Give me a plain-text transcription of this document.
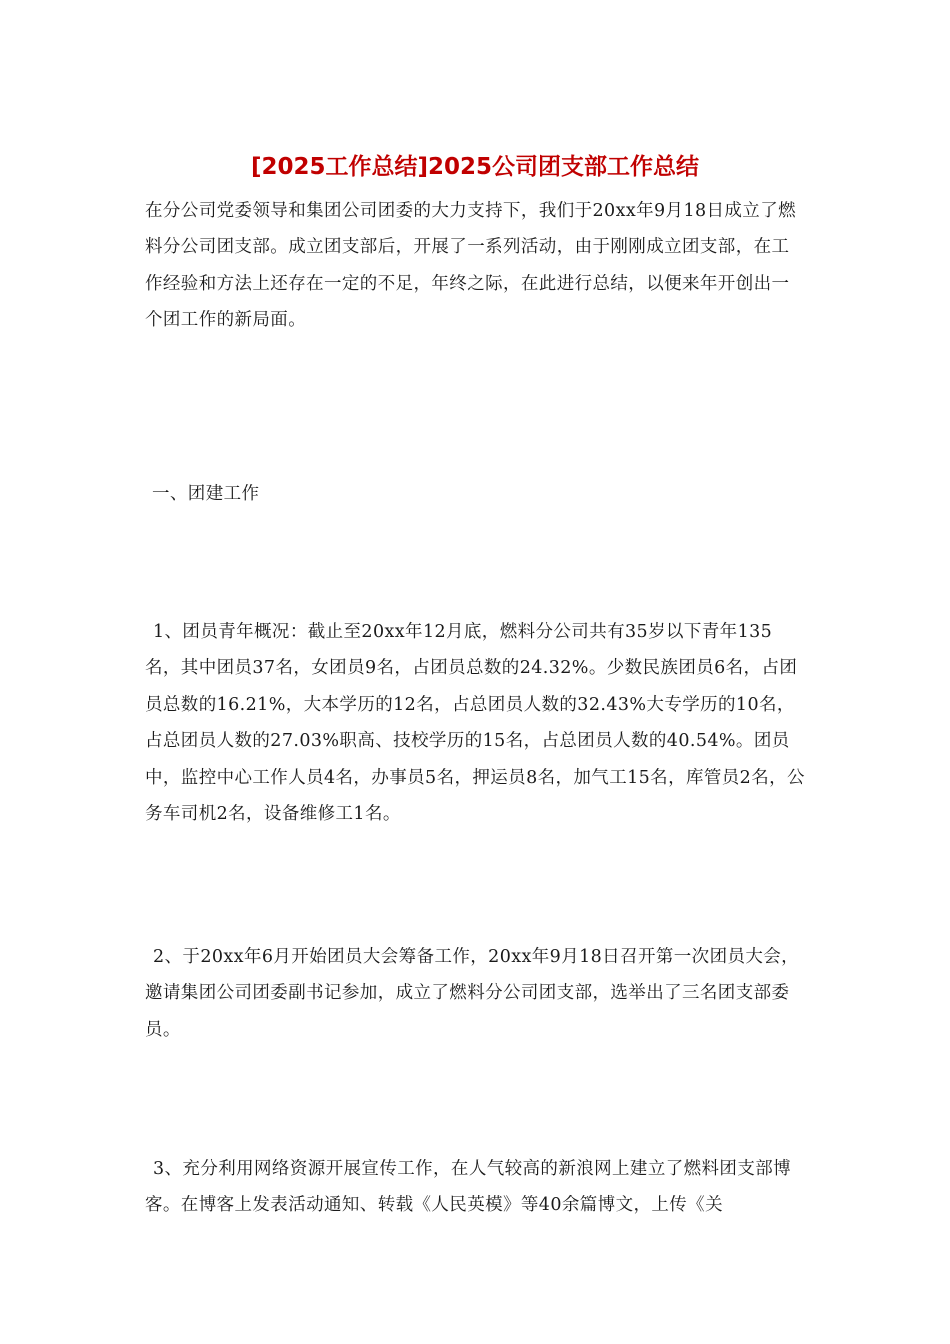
[2025工作总结]2025公司团支部工作总结

在分公司党委领导和集团公司团委的大力支持下，我们于20xx年9月18日成立了燃料分公司团支部。成立团支部后，开展了一系列活动，由于刚刚成立团支部，在工作经验和方法上还存在一定的不足，年终之际，在此进行总结，以便来年开创出一个团工作的新局面。

一、团建工作

1、团员青年概况：截止至20xx年12月底，燃料分公司共有35岁以下青年135名，其中团员37名，女团员9名，占团员总数的24.32%。少数民族团员6名，占团员总数的16.21%，大本学历的12名，占总团员人数的32.43%大专学历的10名，占总团员人数的27.03%职高、技校学历的15名，占总团员人数的40.54%。团员中，监控中心工作人员4名，办事员5名，押运员8名，加气工15名，库管员2名，公务车司机2名，设备维修工1名。

2、于20xx年6月开始团员大会筹备工作，20xx年9月18日召开第一次团员大会，邀请集团公司团委副书记参加，成立了燃料分公司团支部，选举出了三名团支部委员。

3、充分利用网络资源开展宣传工作，在人气较高的新浪网上建立了燃料团支部博客。在博客上发表活动通知、转载《人民英模》等40余篇博文，上传《关
